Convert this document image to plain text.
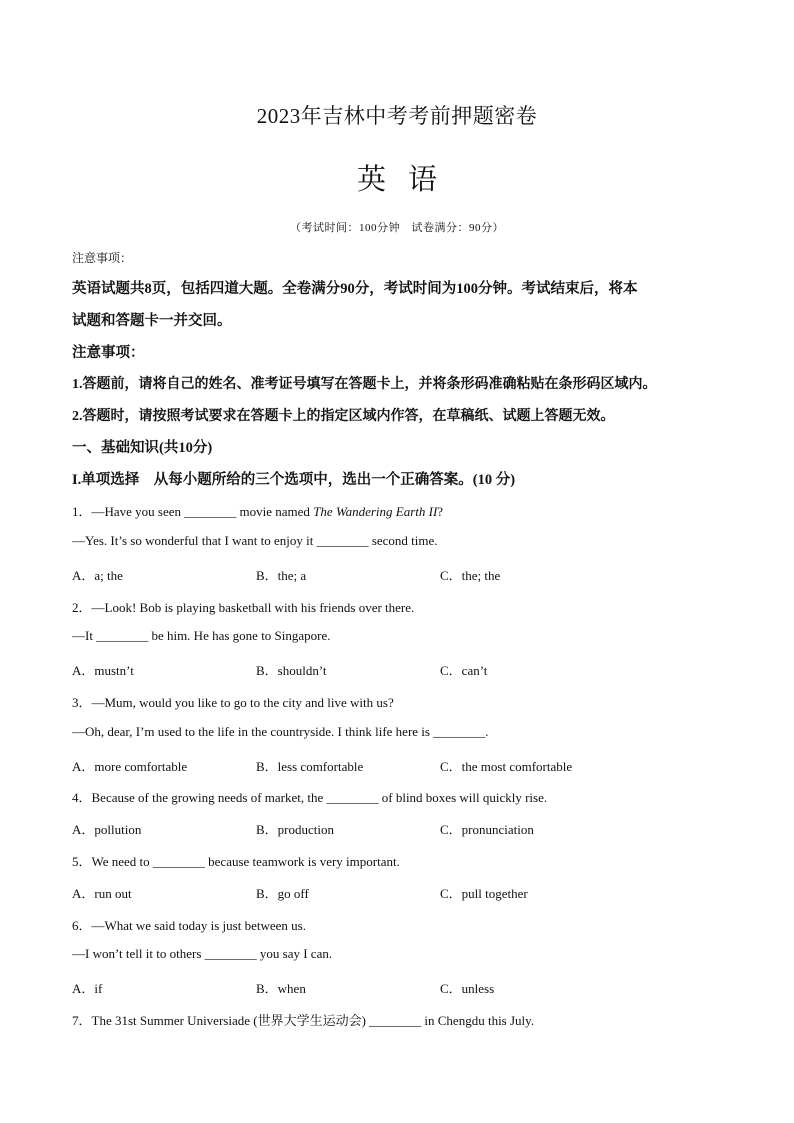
2023年吉林中考考前押题密卷
英语
（考试时间：100分钟　试卷满分：90分）
注意事项：
英语试题共8页，包括四道大题。全卷满分90分，考试时间为100分钟。考试结束后，将本
试题和答题卡一并交回。
注意事项：
1.答题前，请将自己的姓名、准考证号填写在答题卡上，并将条形码准确粘贴在条形码区域内。
2.答题时，请按照考试要求在答题卡上的指定区域内作答，在草稿纸、试题上答题无效。
一、基础知识(共10分)
I.单项选择　从每小题所给的三个选项中，选出一个正确答案。(10 分)
1．—Have you seen ________ movie named The Wandering Earth II?
—Yes. It’s so wonderful that I want to enjoy it ________ second time.
A．a; the	B．the; a	C．the; the
2．—Look! Bob is playing basketball with his friends over there.
—It ________ be him. He has gone to Singapore.
A．mustn’t	B．shouldn’t	C．can’t
3．—Mum, would you like to go to the city and live with us?
—Oh, dear, I’m used to the life in the countryside. I think life here is ________.
A．more comfortable	B．less comfortable	C．the most comfortable
4．Because of the growing needs of market, the ________ of blind boxes will quickly rise.
A．pollution	B．production	C．pronunciation
5．We need to ________ because teamwork is very important.
A．run out	B．go off	C．pull together
6．—What we said today is just between us.
—I won’t tell it to others ________ you say I can.
A．if	B．when	C．unless
7．The 31st Summer Universiade (世界大学生运动会) ________ in Chengdu this July.
